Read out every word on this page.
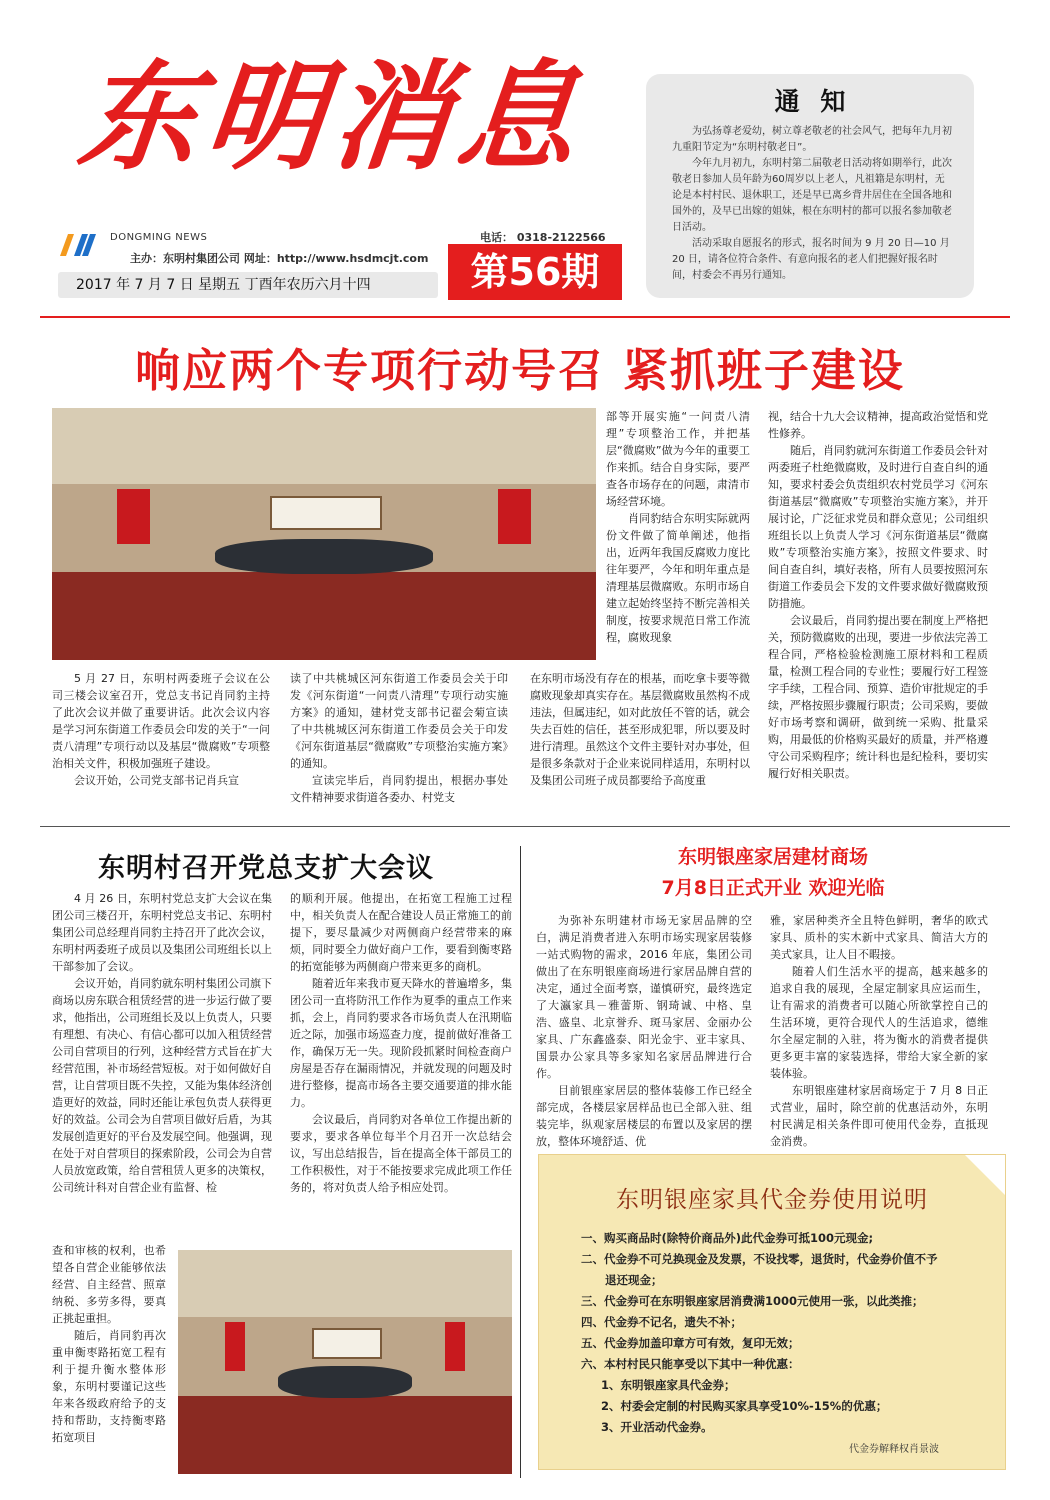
东明消息
DONGMING NEWS
主办：东明村集团公司 网址：http://www.hsdmcjt.com
电话： 0318-2122566
2017 年 7 月 7 日 星期五 丁酉年农历六月十四	第56期
通 知

为弘扬尊老爱幼，树立尊老敬老的社会风气，把每年九月初九重阳节定为“东明村敬老日”。

今年九月初九，东明村第二届敬老日活动将如期举行，此次敬老日参加人员年龄为60周岁以上老人，凡祖籍是东明村，无论是本村村民、退休职工，还是早已离乡背井居住在全国各地和国外的，及早已出嫁的姐妹，根在东明村的都可以报名参加敬老日活动。

活动采取自愿报名的形式，报名时间为 9 月 20 日—10 月 20 日，请各位符合条件、有意向报名的老人们把握好报名时间，村委会不再另行通知。

响应两个专项行动号召 紧抓班子建设

5 月 27 日，东明村两委班子会议在公司三楼会议室召开，党总支书记肖同豹主持了此次会议并做了重要讲话。此次会议内容是学习河东街道工作委员会印发的关于“一问责八清理”专项行动以及基层“微腐败”专项整治相关文件，积极加强班子建设。

会议开始，公司党支部书记肖兵宣

读了中共桃城区河东街道工作委员会关于印发《河东街道“一问责八清理”专项行动实施方案》的通知，建材党支部书记翟会菊宣读了中共桃城区河东街道工作委员会关于印发《河东街道基层“微腐败”专项整治实施方案》的通知。

宣读完毕后，肖同豹提出，根据办事处文件精神要求街道各委办、村党支

部等开展实施“一问责八清理”专项整治工作，并把基层“微腐败”做为今年的重要工作来抓。结合自身实际，要严查各市场存在的问题，肃清市场经营环境。

肖同豹结合东明实际就两份文件做了简单阐述，他指出，近两年我国反腐败力度比往年要严，今年和明年重点是清理基层微腐败。东明市场自建立起始终坚持不断完善相关制度，按要求规范日常工作流程，腐败现象

在东明市场没有存在的根基，而吃拿卡要等微腐败现象却真实存在。基层微腐败虽然构不成违法，但属违纪，如对此放任不管的话，就会失去百姓的信任，甚至形成犯罪，所以要及时进行清理。虽然这个文件主要针对办事处，但是很多条款对于企业来说同样适用，东明村以及集团公司班子成员都要给予高度重

视，结合十九大会议精神，提高政治觉悟和党性修养。

随后，肖同豹就河东街道工作委员会针对两委班子杜绝微腐败，及时进行自查自纠的通知，要求村委会负责组织农村党员学习《河东街道基层“微腐败”专项整治实施方案》，并开展讨论，广泛征求党员和群众意见；公司组织班组长以上负责人学习《河东街道基层“微腐败”专项整治实施方案》，按照文件要求、时间自查自纠，填好表格，所有人员要按照河东街道工作委员会下发的文件要求做好微腐败预防措施。

会议最后，肖同豹提出要在制度上严格把关，预防微腐败的出现，要进一步依法完善工程合同，严格检验检测施工原材料和工程质量，检测工程合同的专业性；要履行好工程签字手续，工程合同、预算、造价审批规定的手续，严格按照步骤履行职责；公司采购，要做好市场考察和调研，做到统一采购、批量采购，用最低的价格购买最好的质量，并严格遵守公司采购程序；统计科也是纪检科，要切实履行好相关职责。

东明村召开党总支扩大会议

4 月 26 日，东明村党总支扩大会议在集团公司三楼召开，东明村党总支书记、东明村集团公司总经理肖同豹主持召开了此次会议，东明村两委班子成员以及集团公司班组长以上干部参加了会议。

会议开始，肖同豹就东明村集团公司旗下商场以房东联合租赁经营的进一步运行做了要求，他指出，公司班组长及以上负责人，只要有理想、有决心、有信心都可以加入租赁经营公司自营项目的行列，这种经营方式旨在扩大经营范围，补市场经营短板。对于如何做好自营，让自营项目既不失控，又能为集体经济创造更好的效益，同时还能让承包负责人获得更好的效益。公司会为自营项目做好后盾，为其发展创造更好的平台及发展空间。他强调，现在处于对自营项目的探索阶段，公司会为自营人员放宽政策，给自营租赁人更多的决策权，公司统计科对自营企业有监督、检

查和审核的权利，也希望各自营企业能够依法经营、自主经营、照章纳税、多劳多得，要真正挑起重担。

随后，肖同豹再次重申衡枣路拓宽工程有利于提升衡水整体形象，东明村要谨记这些年来各级政府给予的支持和帮助，支持衡枣路拓宽项目

的顺利开展。他提出，在拓宽工程施工过程中，相关负责人在配合建设人员正常施工的前提下，要尽量减少对两侧商户经营带来的麻烦，同时要全力做好商户工作，要看到衡枣路的拓宽能够为两侧商户带来更多的商机。

随着近年来我市夏天降水的普遍增多，集团公司一直将防汛工作作为夏季的重点工作来抓，会上，肖同豹要求各市场负责人在汛期临近之际，加强市场巡查力度，提前做好准备工作，确保万无一失。现阶段抓紧时间检查商户房屋是否存在漏雨情况，并就发现的问题及时进行整修，提高市场各主要交通要道的排水能力。

会议最后，肖同豹对各单位工作提出新的要求，要求各单位每半个月召开一次总结会议，写出总结报告，旨在提高全体干部员工的工作积极性，对于不能按要求完成此项工作任务的，将对负责人给予相应处罚。

东明银座家居建材商场
7月8日正式开业 欢迎光临

为弥补东明建材市场无家居品牌的空白，满足消费者进入东明市场实现家居装修一站式购物的需求，2016 年底，集团公司做出了在东明银座商场进行家居品牌自营的决定，通过全面考察，谨慎研究，最终选定了大瀛家具－雅蕾斯、钢琦诚、中格、皇浩、盛皇、北京誉乔、斑马家居、金丽办公家具、广东鑫盛泰、阳光金宇、亚丰家具、国景办公家具等多家知名家居品牌进行合作。

目前银座家居层的整体装修工作已经全部完成，各楼层家居样品也已全部入驻、组装完毕，纵观家居楼层的布置以及家居的摆放，整体环境舒适、优

雅，家居种类齐全且特色鲜明，奢华的欧式家具、质朴的实木新中式家具、简洁大方的美式家具，让人目不暇接。

随着人们生活水平的提高，越来越多的追求自我的展现，全屋定制家具应运而生，让有需求的消费者可以随心所欲掌控自己的生活环境，更符合现代人的生活追求，德维尔全屋定制的入驻，将为衡水的消费者提供更多更丰富的家装选择，带给大家全新的家装体验。

东明银座建材家居商场定于 7 月 8 日正式营业，届时，除空前的优惠活动外，东明村民满足相关条件即可使用代金券，直抵现金消费。

东明银座家具代金券使用说明
一、购买商品时(除特价商品外)此代金券可抵100元现金;
二、代金券不可兑换现金及发票，不设找零，退货时，代金券价值不予
退还现金；
三、代金券可在东明银座家居消费满1000元使用一张，以此类推；
四、代金券不记名，遗失不补；
五、代金券加盖印章方可有效，复印无效；
六、本村村民只能享受以下其中一种优惠：
1、东明银座家具代金券；
2、村委会定制的村民购买家具享受10%-15%的优惠；
3、开业活动代金券。
代金券解释权肖景波
